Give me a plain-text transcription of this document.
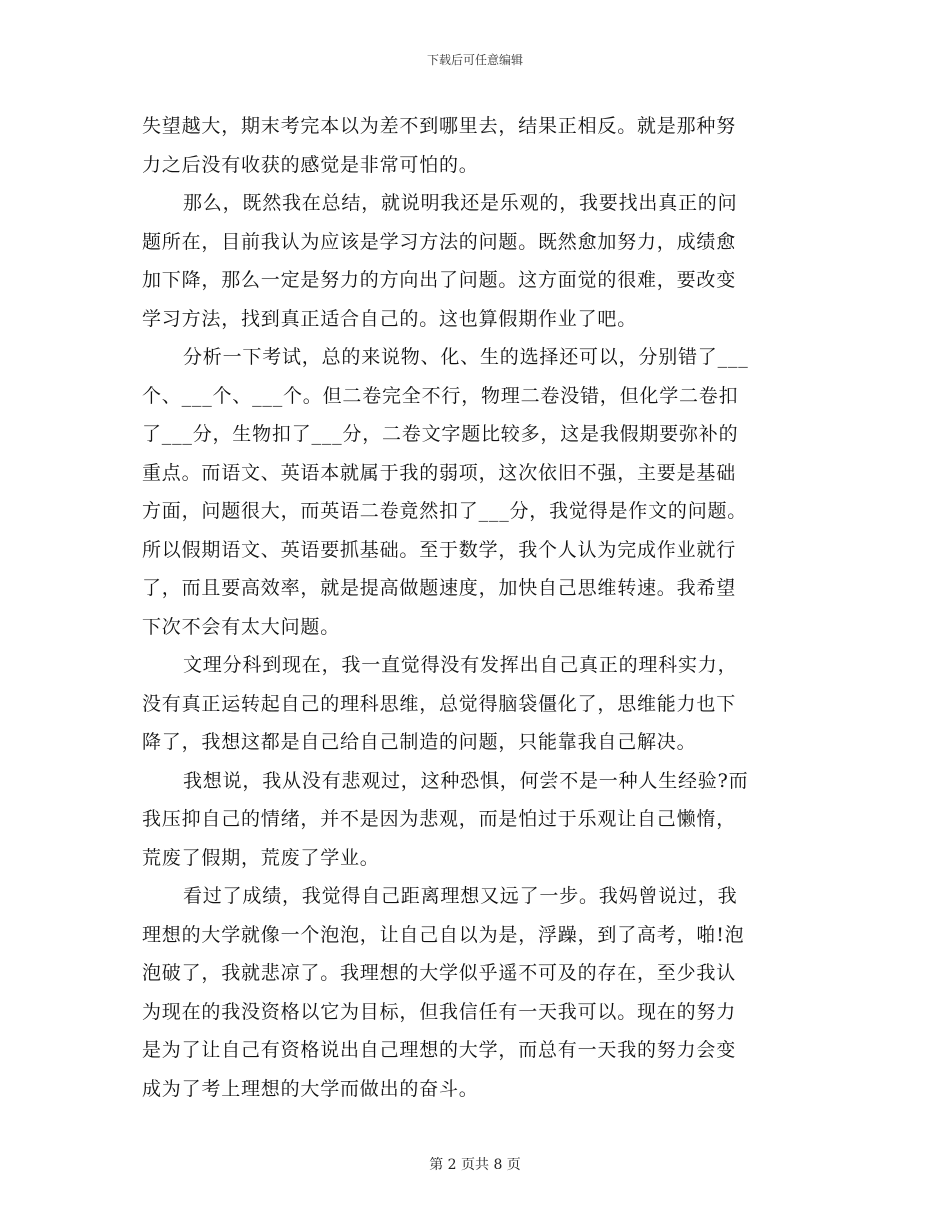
下载后可任意编辑
失望越大，期末考完本以为差不到哪里去，结果正相反。就是那种努
力之后没有收获的感觉是非常可怕的。
那么，既然我在总结，就说明我还是乐观的，我要找出真正的问
题所在，目前我认为应该是学习方法的问题。既然愈加努力，成绩愈
加下降，那么一定是努力的方向出了问题。这方面觉的很难，要改变
学习方法，找到真正适合自己的。这也算假期作业了吧。
分析一下考试，总的来说物、化、生的选择还可以，分别错了___
个、___个、___个。但二卷完全不行，物理二卷没错，但化学二卷扣
了___分，生物扣了___分，二卷文字题比较多，这是我假期要弥补的
重点。而语文、英语本就属于我的弱项，这次依旧不强，主要是基础
方面，问题很大，而英语二卷竟然扣了___分，我觉得是作文的问题。
所以假期语文、英语要抓基础。至于数学，我个人认为完成作业就行
了，而且要高效率，就是提高做题速度，加快自己思维转速。我希望
下次不会有太大问题。
文理分科到现在，我一直觉得没有发挥出自己真正的理科实力，
没有真正运转起自己的理科思维，总觉得脑袋僵化了，思维能力也下
降了，我想这都是自己给自己制造的问题，只能靠我自己解决。
我想说，我从没有悲观过，这种恐惧，何尝不是一种人生经验?而
我压抑自己的情绪，并不是因为悲观，而是怕过于乐观让自己懒惰，
荒废了假期，荒废了学业。
看过了成绩，我觉得自己距离理想又远了一步。我妈曾说过，我
理想的大学就像一个泡泡，让自己自以为是，浮躁，到了高考，啪!泡
泡破了，我就悲凉了。我理想的大学似乎遥不可及的存在，至少我认
为现在的我没资格以它为目标，但我信任有一天我可以。现在的努力
是为了让自己有资格说出自己理想的大学，而总有一天我的努力会变
成为了考上理想的大学而做出的奋斗。
第 2 页共 8 页
